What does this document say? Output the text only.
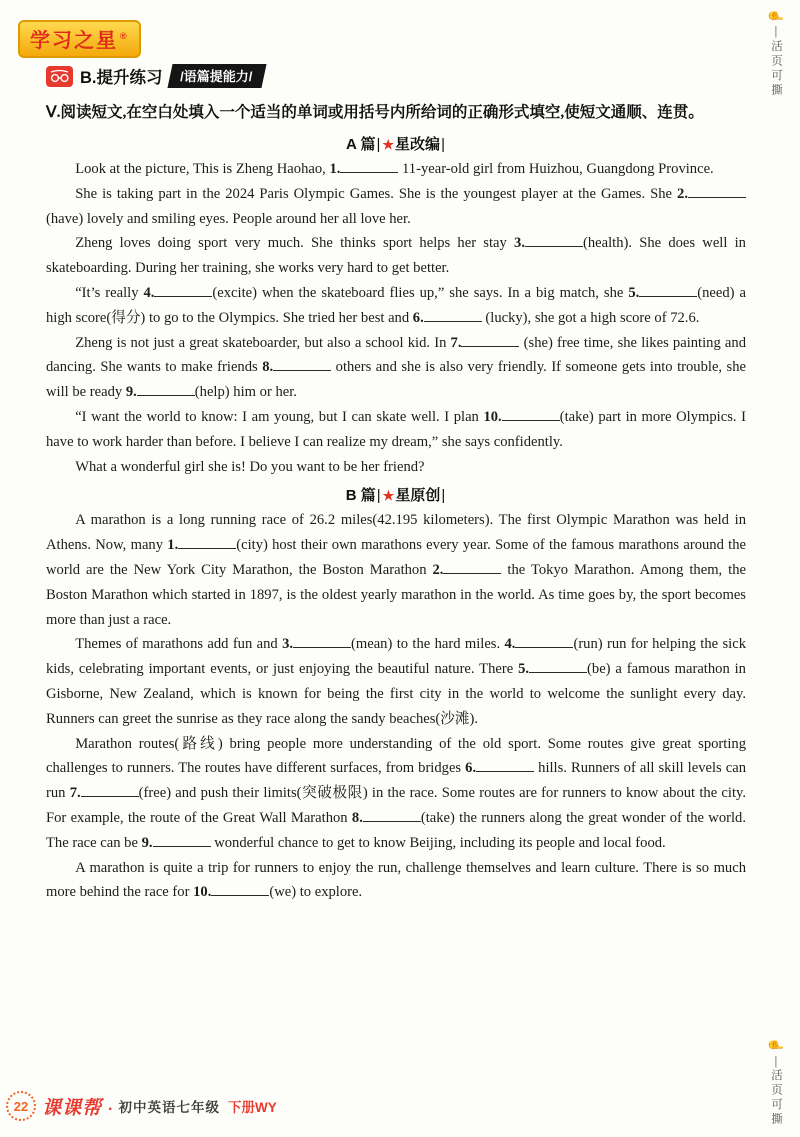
学习之星 ®
☝
—
活页可撕
☝
—
活页可撕
B.提升练习	/语篇提能力/
Ⅴ.阅读短文,在空白处填入一个适当的单词或用括号内所给词的正确形式填空,使短文通顺、连贯。
A 篇| ★星改编|

Look at the picture, This is Zheng Haohao, 1.	11-year-old girl from Huizhou, Guangdong Province.

She is taking part in the 2024 Paris Olympic Games. She is the youngest player at the Games. She 2.(have) lovely and smiling eyes. People around her all love her.

Zheng loves doing sport very much. She thinks sport helps her stay 3.	(health). She does well in skateboarding. During her training, she works very hard to get better.

“It’s really 4.	(excite) when the skateboard flies up,” she says. In a big match, she 5.	(need) a high score(得分) to go to the Olympics. She tried her best and 6.	(lucky), she got a high score of 72.6.

Zheng is not just a great skateboarder, but also a school kid. In 7.	(she) free time, she likes painting and dancing. She wants to make friends 8.	others and she is also very friendly. If someone gets into trouble, she will be ready 9.	(help) him or her.

“I want the world to know: I am young, but I can skate well. I plan 10.	(take) part in more Olympics. I have to work harder than before. I believe I can realize my dream,” she says confidently.

What a wonderful girl she is! Do you want to be her friend?

B 篇| ★星原创|

A marathon is a long running race of 26.2 miles(42.195 kilometers). The first Olympic Marathon was held in Athens. Now, many 1.	(city) host their own marathons every year. Some of the famous marathons around the world are the New York City Marathon, the Boston Marathon 2.	the Tokyo Marathon. Among them, the Boston Marathon which started in 1897, is the oldest yearly marathon in the world. As time goes by, the sport becomes more than just a race.

Themes of marathons add fun and 3.	(mean) to the hard miles. 4.	(run) run for helping the sick kids, celebrating important events, or just enjoying the beautiful nature. There 5.	(be) a famous marathon in Gisborne, New Zealand, which is known for being the first city in the world to welcome the sunlight every day. Runners can greet the sunrise as they race along the sandy beaches(沙滩).

Marathon routes(路线) bring people more understanding of the old sport. Some routes give great sporting challenges to runners. The routes have different surfaces, from bridges 6.	hills. Runners of all skill levels can run 7.	(free) and push their limits(突破极限) in the race. Some routes are for runners to know about the city. For example, the route of the Great Wall Marathon 8.	(take) the runners along the great wonder of the world. The race can be 9.	wonderful chance to get to know Beijing, including its people and local food.

A marathon is quite a trip for runners to enjoy the run, challenge themselves and learn culture. There is so much more behind the race for 10.	(we) to explore.

22 课课帮 . 初中英语七年级 下册WY
